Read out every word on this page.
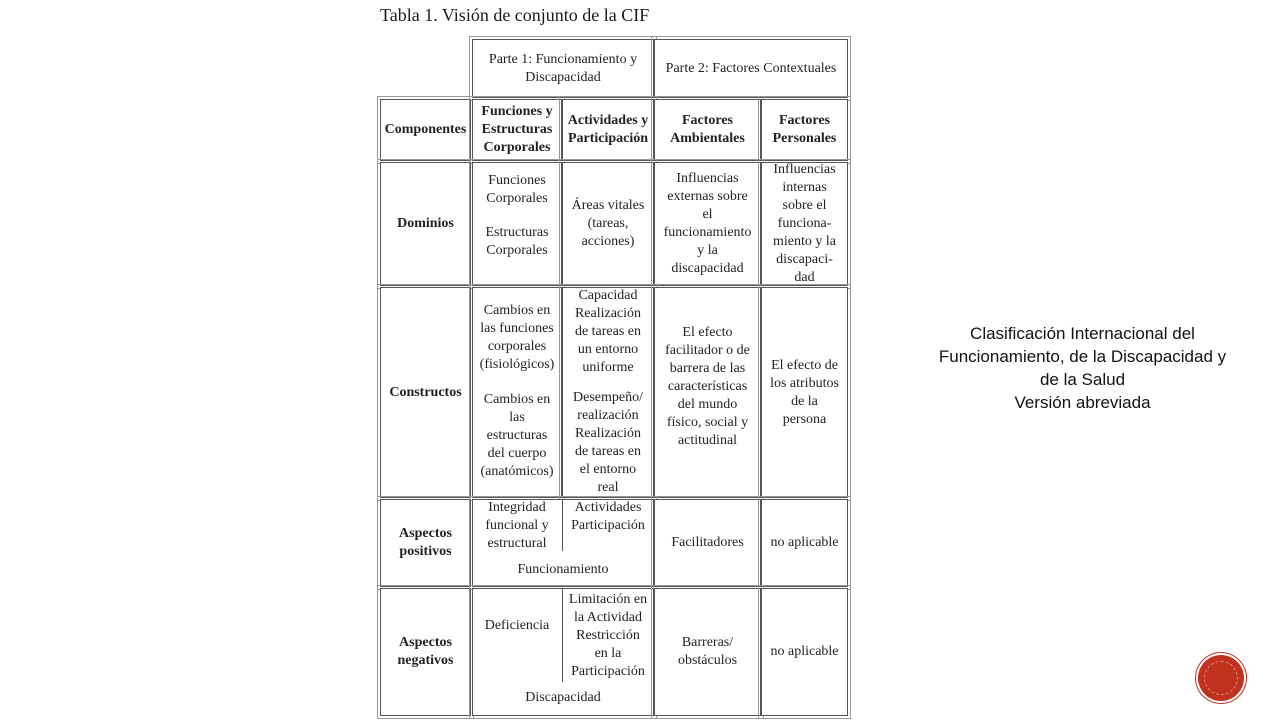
Tabla 1. Visión de conjunto de la CIF
Parte 1: Funcionamiento y
Discapacidad
Parte 2: Factores Contextuales
Componentes
Funciones y
Estructuras
Corporales
Actividades y
Participación
Factores
Ambientales
Factores
Personales
Dominios
Funciones
Corporales
Estructuras
Corporales
Áreas vitales
(tareas,
acciones)
Influencias
externas sobre
el
funcionamiento
y la
discapacidad
Influencias
internas
sobre el
funciona-
miento y la
discapaci-
dad
Constructos
Cambios en
las funciones
corporales
(fisiológicos)
Cambios en
las
estructuras
del cuerpo
(anatómicos)
Capacidad
Realización
de tareas en
un entorno
uniforme
Desempeño/
realización
Realización
de tareas en
el entorno
real
El efecto
facilitador o de
barrera de las
características
del mundo
físico, social y
actitudinal
El efecto de
los atributos
de la
persona
Aspectos
positivos
Integridad
funcional y
estructural
Actividades
Participación
Funcionamiento
Facilitadores	no aplicable
Aspectos
negativos
Deficiencia
Limitación en
la Actividad
Restricción
en la
Participación
Discapacidad
Barreras/
obstáculos
no aplicable
Clasificación Internacional del
Funcionamiento, de la Discapacidad y
de la Salud
Versión abreviada
